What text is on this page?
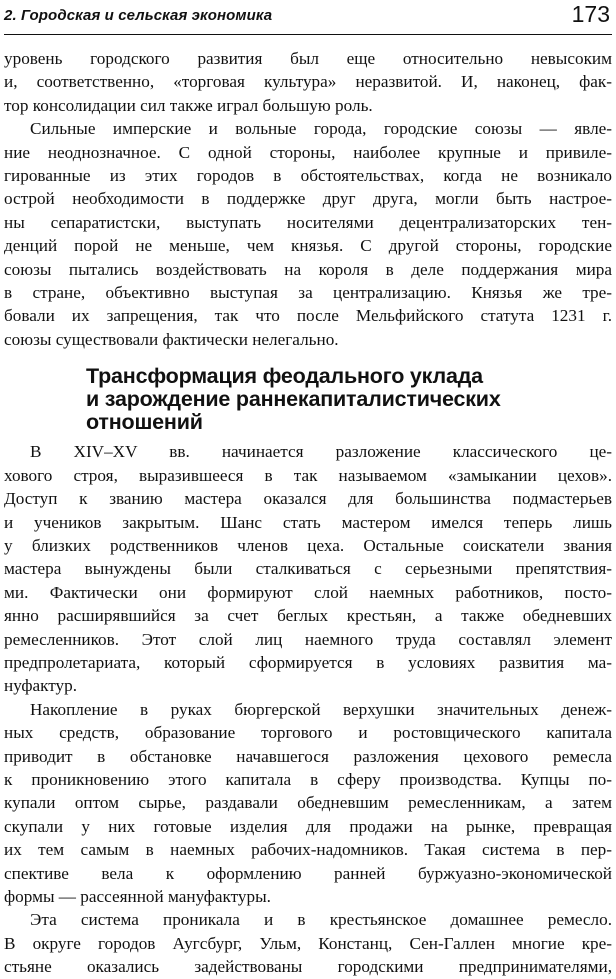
2. Городская и сельская экономика	173

уровень городского развития был еще относительно невысоким
и, соответственно, «торговая культура» неразвитой. И, наконец, фак-
тор консолидации сил также играл большую роль.

Сильные имперские и вольные города, городские союзы — явле-
ние неоднозначное. С одной стороны, наиболее крупные и привиле-
гированные из этих городов в обстоятельствах, когда не возникало
острой необходимости в поддержке друг друга, могли быть настрое-
ны сепаратистски, выступать носителями децентрализаторских тен-
денций порой не меньше, чем князья. С другой стороны, городские
союзы пытались воздействовать на короля в деле поддержания мира
в стране, объективно выступая за централизацию. Князья же тре-
бовали их запрещения, так что после Мельфийского статута 1231 г.
союзы существовали фактически нелегально.

Трансформация феодального уклада
и зарождение раннекапиталистических
отношений

В XIV–XV вв. начинается разложение классического це-
хового строя, выразившееся в так называемом «замыкании цехов».
Доступ к званию мастера оказался для большинства подмастерьев
и учеников закрытым. Шанс стать мастером имелся теперь лишь
у близких родственников членов цеха. Остальные соискатели звания
мастера вынуждены были сталкиваться с серьезными препятствия-
ми. Фактически они формируют слой наемных работников, посто-
янно расширявшийся за счет беглых крестьян, а также обедневших
ремесленников. Этот слой лиц наемного труда составлял элемент
предпролетариата, который сформируется в условиях развития ма-
нуфактур.

Накопление в руках бюргерской верхушки значительных денеж-
ных средств, образование торгового и ростовщического капитала
приводит в обстановке начавшегося разложения цехового ремесла
к проникновению этого капитала в сферу производства. Купцы по-
купали оптом сырье, раздавали обедневшим ремесленникам, а затем
скупали у них готовые изделия для продажи на рынке, превращая
их тем самым в наемных рабочих-надомников. Такая система в пер-
спективе вела к оформлению ранней буржуазно-экономической
формы — рассеянной мануфактуры.

Эта система проникала и в крестьянское домашнее ремесло.
В округе городов Аугсбург, Ульм, Констанц, Сен-Галлен многие кре-
стьяне оказались задействованы городскими предпринимателями,
